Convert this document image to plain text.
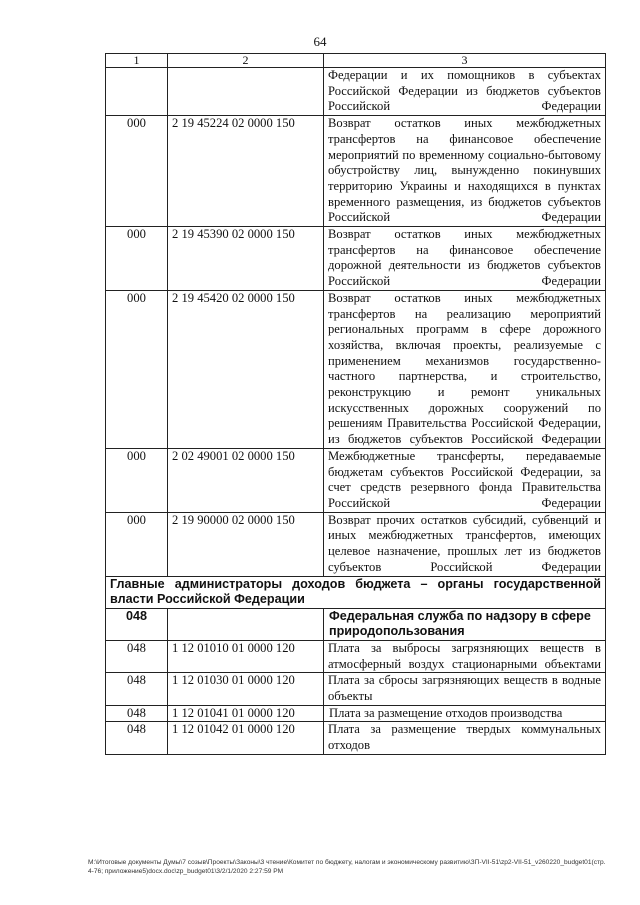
64
1	2	3
		Федерации и их помощников в субъектах Российской Федерации из бюджетов субъектов Российской Федерации
000	2 19 45224 02 0000 150	Возврат остатков иных межбюджетных трансфертов на финансовое обеспечение мероприятий по временному социально-бытовому обустройству лиц, вынужденно покинувших территорию Украины и находящихся в пунктах временного размещения, из бюджетов субъектов Российской Федерации
000	2 19 45390 02 0000 150	Возврат остатков иных межбюджетных трансфертов на финансовое обеспечение дорожной деятельности из бюджетов субъектов Российской Федерации
000	2 19 45420 02 0000 150	Возврат остатков иных межбюджетных трансфертов на реализацию мероприятий региональных программ в сфере дорожного хозяйства, включая проекты, реализуемые с применением механизмов государственно-частного партнерства, и строительство, реконструкцию и ремонт уникальных искусственных дорожных сооружений по решениям Правительства Российской Федерации, из бюджетов субъектов Российской Федерации
000	2 02 49001 02 0000 150	Межбюджетные трансферты, передаваемые бюджетам субъектов Российской Федерации, за счет средств резервного фонда Правительства Российской Федерации
000	2 19 90000 02 0000 150	Возврат прочих остатков субсидий, субвенций и иных межбюджетных трансфертов, имеющих целевое назначение, прошлых лет из бюджетов субъектов Российской Федерации
Главные администраторы доходов бюджета – органы государственной власти Российской Федерации		
048		Федеральная служба по надзору в сфере природопользования
048	1 12 01010 01 0000 120	Плата за выбросы загрязняющих веществ в атмосферный воздух стационарными объектами
048	1 12 01030 01 0000 120	Плата за сбросы загрязняющих веществ в водные объекты
048	1 12 01041 01 0000 120	Плата за размещение отходов производства
048	1 12 01042 01 0000 120	Плата за размещение твердых коммунальных отходов
M:\Итоговые документы Думы\7 созыв\Проекты\Законы\3 чтение\Комитет по бюджету, налогам и экономическому развитию\ЗП-VII-51\zp2-VII-51_v260220_budget01(стр.4-76; приложение5)docx.doc\zp_budget01\3/2/1/2020 2:27:59 PM
